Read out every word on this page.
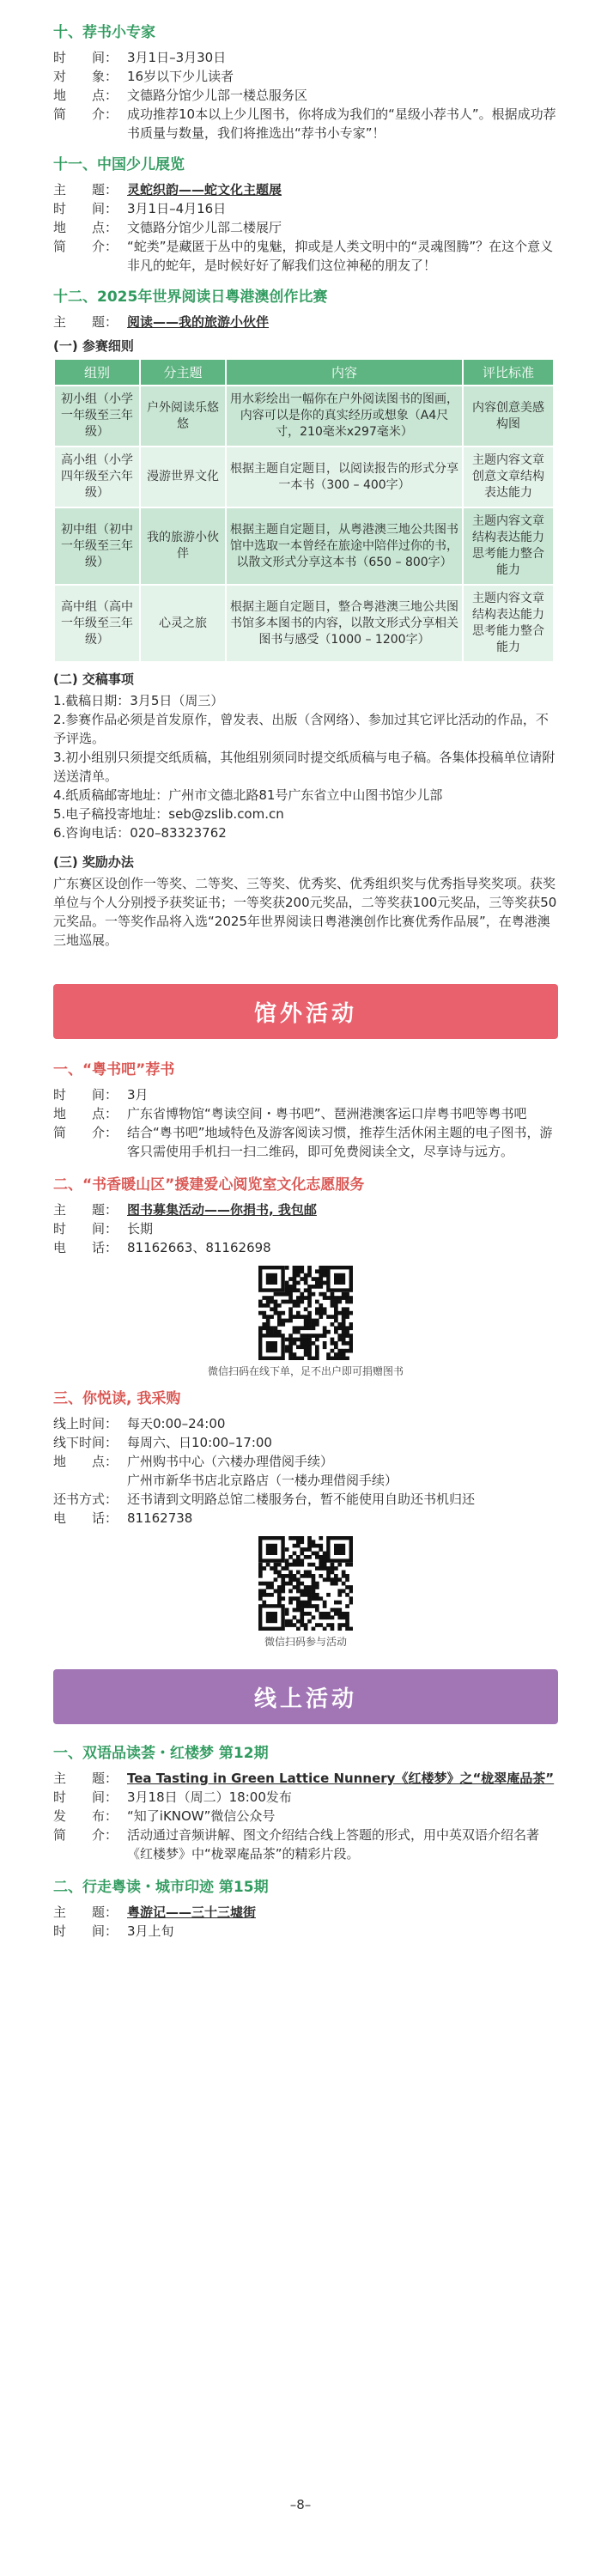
十、荐书小专家
时　　间： 3月1日–3月30日
对　　象： 16岁以下少儿读者
地　　点： 文德路分馆少儿部一楼总服务区
简　　介： 成功推荐10本以上少儿图书，你将成为我们的“星级小荐书人”。根据成功荐书质量与数量，我们将推选出“荐书小专家”！
十一、中国少儿展览
主　　题： 灵蛇织韵——蛇文化主题展
时　　间： 3月1日–4月16日
地　　点： 文德路分馆少儿部二楼展厅
简　　介： “蛇类”是藏匿于丛中的鬼魅，抑或是人类文明中的“灵魂图腾”？在这个意义非凡的蛇年，是时候好好了解我们这位神秘的朋友了！
十二、2025年世界阅读日粤港澳创作比赛
主　　题： 阅读——我的旅游小伙伴
(一) 参赛细则
组别	分主题	内容	评比标准
初小组（小学一年级至三年级）	户外阅读乐悠悠	用水彩绘出一幅你在户外阅读图书的图画，内容可以是你的真实经历或想象（A4尺寸，210毫米x297毫米）	内容创意美感构图
高小组（小学四年级至六年级）	漫游世界文化	根据主题自定题目，以阅读报告的形式分享一本书（300 – 400字）	主题内容文章创意文章结构表达能力
初中组（初中一年级至三年级）	我的旅游小伙伴	根据主题自定题目，从粤港澳三地公共图书馆中选取一本曾经在旅途中陪伴过你的书，以散文形式分享这本书（650 – 800字）	主题内容文章结构表达能力思考能力整合能力
高中组（高中一年级至三年级）	心灵之旅	根据主题自定题目，整合粤港澳三地公共图书馆多本图书的内容，以散文形式分享相关图书与感受（1000 – 1200字）	主题内容文章结构表达能力思考能力整合能力
(二) 交稿事项
1.截稿日期：3月5日（周三）
2.参赛作品必须是首发原作，曾发表、出版（含网络）、参加过其它评比活动的作品，不予评选。
3.初小组别只须提交纸质稿，其他组别须同时提交纸质稿与电子稿。各集体投稿单位请附送送清单。
4.纸质稿邮寄地址：广州市文德北路81号广东省立中山图书馆少儿部
5.电子稿投寄地址：seb@zslib.com.cn
6.咨询电话：020–83323762
(三) 奖励办法
广东赛区设创作一等奖、二等奖、三等奖、优秀奖、优秀组织奖与优秀指导奖奖项。获奖单位与个人分别授予获奖证书；一等奖获200元奖品，二等奖获100元奖品，三等奖获50元奖品。一等奖作品将入选“2025年世界阅读日粤港澳创作比赛优秀作品展”，在粤港澳三地巡展。
馆外活动
一、“粤书吧”荐书
时　　间： 3月
地　　点： 广东省博物馆“粤读空间・粤书吧”、琶洲港澳客运口岸粤书吧等粤书吧
简　　介： 结合“粤书吧”地域特色及游客阅读习惯，推荐生活休闲主题的电子图书，游客只需使用手机扫一扫二维码，即可免费阅读全文，尽享诗与远方。
二、“书香暖山区”援建爱心阅览室文化志愿服务
主　　题： 图书募集活动——你捐书, 我包邮
时　　间： 长期
电　　话： 81162663、81162698
微信扫码在线下单，足不出户即可捐赠图书
三、你悦读, 我采购
线上时间： 每天0:00–24:00
线下时间： 每周六、日10:00–17:00
地　　点： 广州购书中心（六楼办理借阅手续）
广州市新华书店北京路店（一楼办理借阅手续）
还书方式： 还书请到文明路总馆二楼服务台，暂不能使用自助还书机归还
电　　话： 81162738
微信扫码参与活动
线上活动
一、双语品读荟・红楼梦 第12期
主　　题： Tea Tasting in Green Lattice Nunnery《红楼梦》之“栊翠庵品茶”
时　　间： 3月18日（周二）18:00发布
发　　布： “知了iKNOW”微信公众号
简　　介： 活动通过音频讲解、图文介绍结合线上答题的形式，用中英双语介绍名著《红楼梦》中“栊翠庵品茶”的精彩片段。
二、行走粤读・城市印迹 第15期
主　　题： 粤游记——三十三墟街
时　　间： 3月上旬
–8–
